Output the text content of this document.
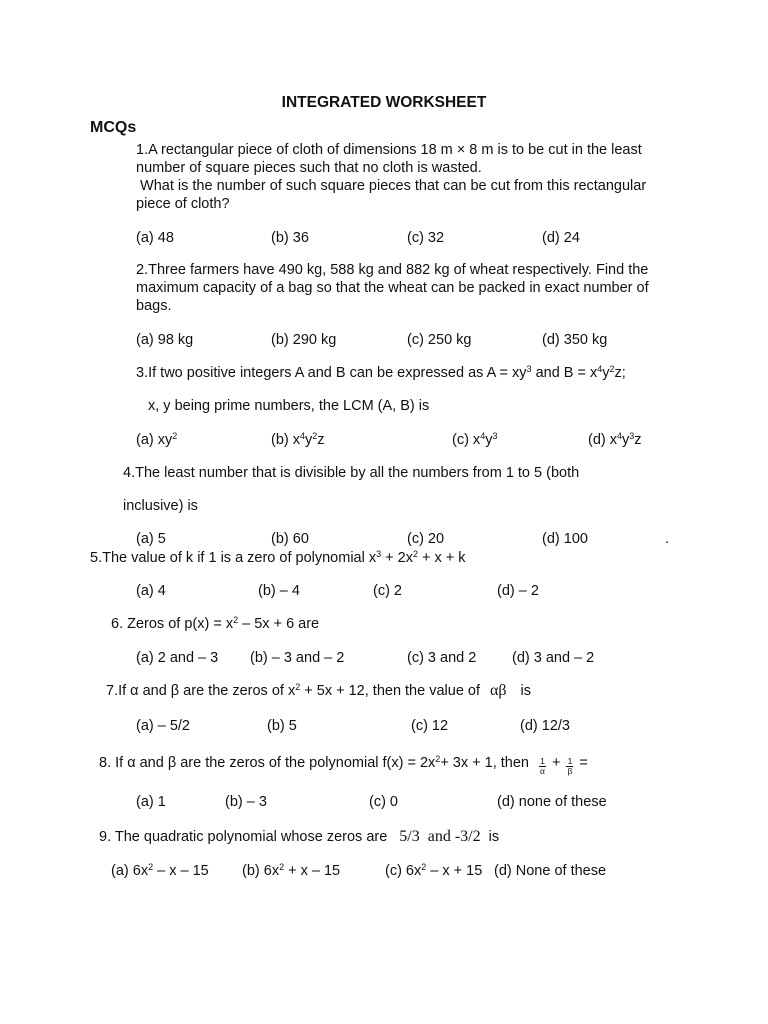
INTEGRATED WORKSHEET
MCQs
1.A rectangular piece of cloth of dimensions 18 m × 8 m is to be cut in the least
number of square pieces such that no cloth is wasted.
What is the number of such square pieces that can be cut from this rectangular
piece of cloth?
(a) 48	(b) 36	(c) 32	(d) 24
2.Three farmers have 490 kg, 588 kg and 882 kg of wheat respectively. Find the
maximum capacity of a bag so that the wheat can be packed in exact number of
bags.
(a) 98 kg	(b) 290 kg	(c) 250 kg	(d) 350 kg
3.If two positive integers A and B can be expressed as $A = xy^3$ and $B = x^4y^2z$;
x, y being prime numbers, the LCM (A, B) is
(a) $xy^2$	(b) $x^4y^2z$	(c) $x^4y^3$	(d) $x^4y^3z$
4.The least number that is divisible by all the numbers from 1 to 5 (both
inclusive) is
(a) 5	(b) 60	(c) 20	(d) 100	.
5.The value of k if 1 is a zero of polynomial $x^3 + 2x^2 + x + k$
(a) 4	(b) – 4	(c) 2	(d) – 2
6. Zeros of $p(x) = x^2 - 5x + 6$ are
(a) 2 and – 3 (b) – 3 and – 2	(c) 3 and 2 (d) 3 and – 2
7.If α and β are the zeros of $x^2 + 5x + 12$, then the value of αβ is
(a) – 5/2	(b) 5	(c) 12	(d) 12/3
8. If α and β are the zeros of the polynomial $f(x) = 2x^2+ 3x + 1$, then $\frac{1}{\alpha} + \frac{1}{\beta}$ =
(a) 1	(b) – 3	(c) 0	(d) none of these
9. The quadratic polynomial whose zeros are 5/3  and -3/2 is
(a) $6x^2$ – x – 15 (b) $6x^2 + x - 15$	(c) $6x^2 - x + 15$ (d) None of these
